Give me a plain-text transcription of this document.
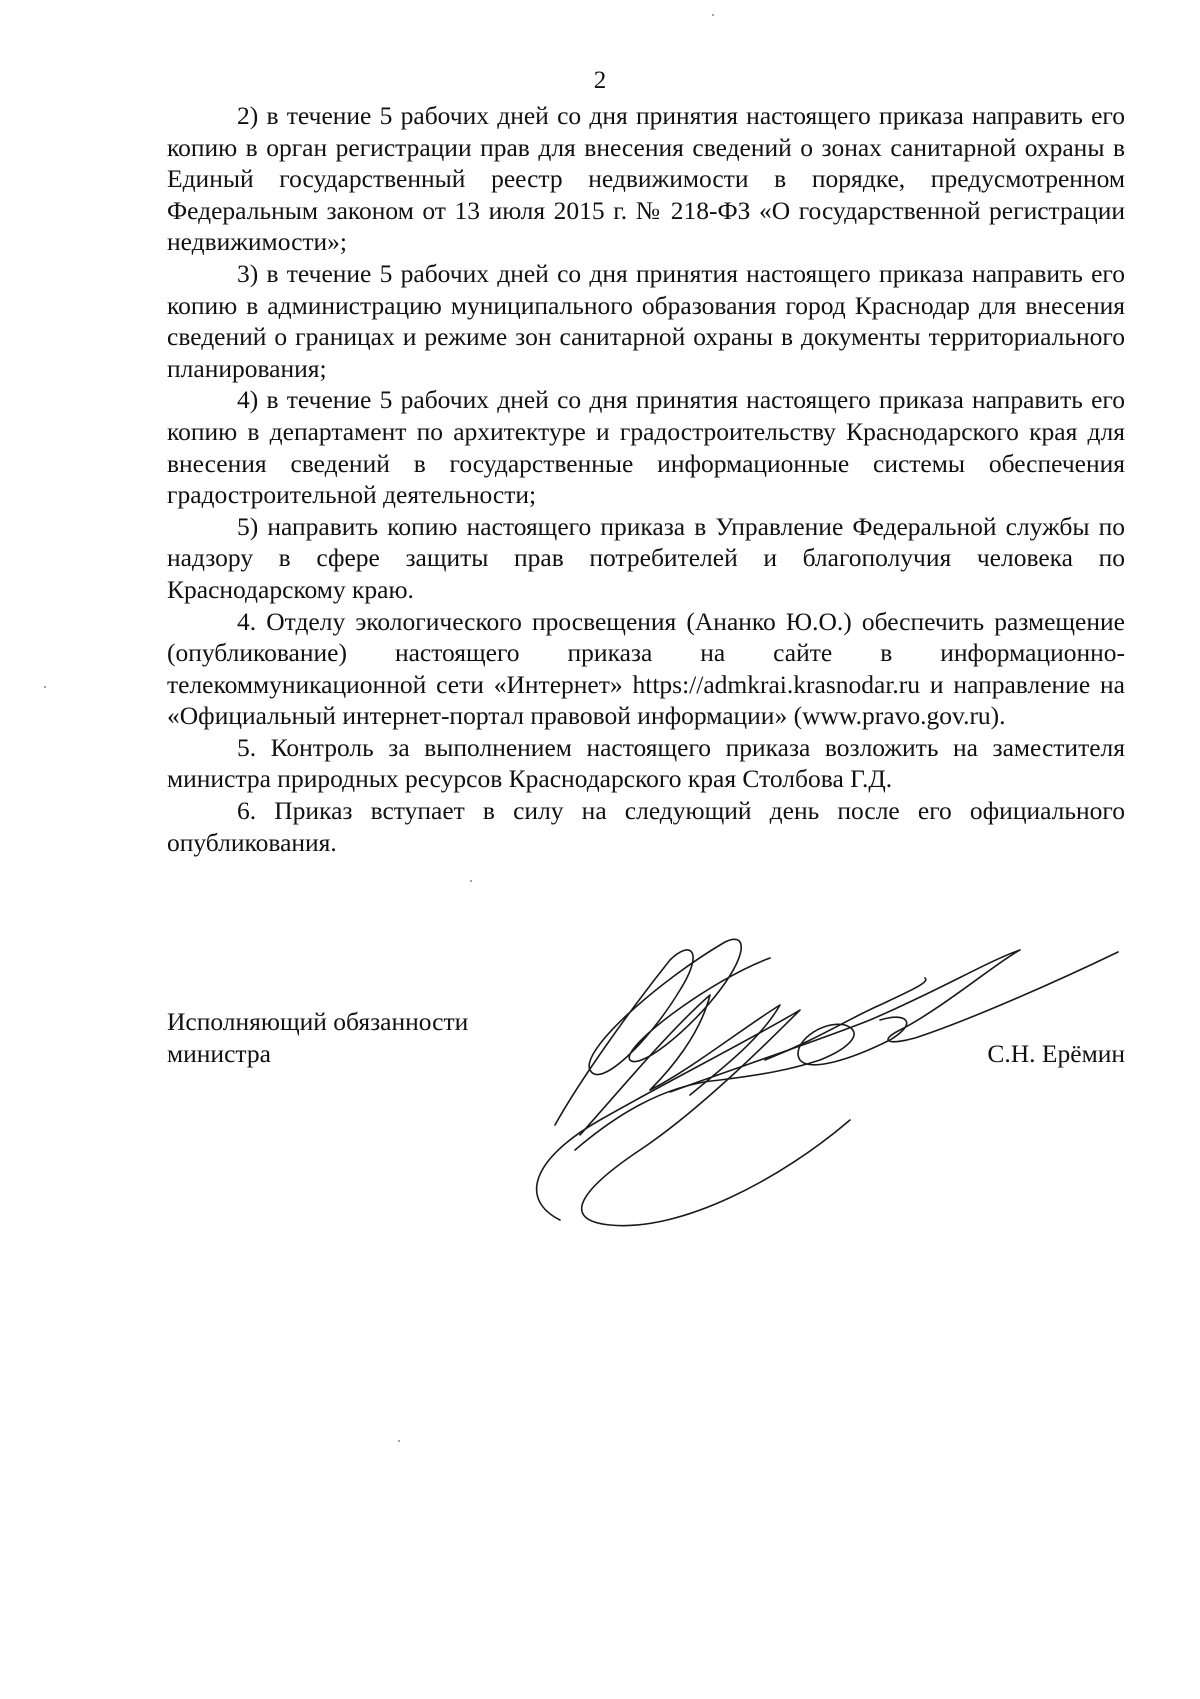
2

2) в течение 5 рабочих дней со дня принятия настоящего приказа направить его копию в орган регистрации прав для внесения сведений о зонах санитарной охраны в Единый государственный реестр недвижимости в порядке, предусмотренном Федеральным законом от 13 июля 2015 г. № 218-ФЗ «О государственной регистрации недвижимости»;

3) в течение 5 рабочих дней со дня принятия настоящего приказа направить его копию в администрацию муниципального образования город Краснодар для внесения сведений о границах и режиме зон санитарной охраны в документы территориального планирования;

4) в течение 5 рабочих дней со дня принятия настоящего приказа направить его копию в департамент по архитектуре и градостроительству Краснодарского края для внесения сведений в государственные информационные системы обеспечения градостроительной деятельности;

5) направить копию настоящего приказа в Управление Федеральной службы по надзору в сфере защиты прав потребителей и благополучия человека по Краснодарскому краю.

4. Отделу экологического просвещения (Ананко Ю.О.) обеспечить размещение (опубликование) настоящего приказа на сайте в информационно-телекоммуникационной сети «Интернет» https://admkrai.krasnodar.ru и направление на «Официальный интернет-портал правовой информации» (www.pravo.gov.ru).

5. Контроль за выполнением настоящего приказа возложить на заместителя министра природных ресурсов Краснодарского края Столбова Г.Д.

6. Приказ вступает в силу на следующий день после его официального опубликования.

Исполняющий обязанности
министра	С.Н. Ерёмин
